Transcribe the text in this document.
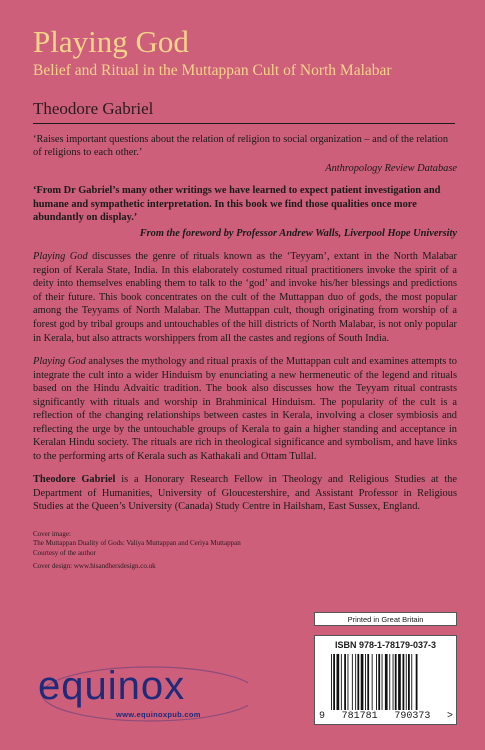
Playing God
Belief and Ritual in the Muttappan Cult of North Malabar
Theodore Gabriel
‘Raises important questions about the relation of religion to social organization – and of the relation of religions to each other.’
Anthropology Review Database
‘From Dr Gabriel’s many other writings we have learned to expect patient investigation and humane and sympathetic interpretation. In this book we find those qualities once more abundantly on display.’
From the foreword by Professor Andrew Walls, Liverpool Hope University
Playing God discusses the genre of rituals known as the ‘Teyyam’, extant in the North Malabar region of Kerala State, India. In this elaborately costumed ritual practitioners invoke the spirit of a deity into themselves enabling them to talk to the ‘god’ and invoke his/her blessings and predictions of their future. This book concentrates on the cult of the Muttappan duo of gods, the most popular among the Teyyams of North Malabar. The Muttappan cult, though originating from worship of a forest god by tribal groups and untouchables of the hill districts of North Malabar, is not only popular in Kerala, but also attracts worshippers from all the castes and regions of South India.
Playing God analyses the mythology and ritual praxis of the Muttappan cult and examines attempts to integrate the cult into a wider Hinduism by enunciating a new hermeneutic of the legend and rituals based on the Hindu Advaitic tradition. The book also discusses how the Teyyam ritual contrasts significantly with rituals and worship in Brahminical Hinduism. The popularity of the cult is a reflection of the changing relationships between castes in Kerala, involving a closer symbiosis and reflecting the urge by the untouchable groups of Kerala to gain a higher standing and acceptance in Keralan Hindu society. The rituals are rich in theological significance and symbolism, and have links to the performing arts of Kerala such as Kathakali and Ottam Tullal.
Theodore Gabriel is a Honorary Research Fellow in Theology and Religious Studies at the Department of Humanities, University of Gloucestershire, and Assistant Professor in Religious Studies at the Queen’s University (Canada) Study Centre in Hailsham, East Sussex, England.
Cover image:
The Muttappan Duality of Gods: Valiya Muttappan and Ceriya Muttappan
Courtesy of the author
Cover design: www.hisandhersdesign.co.uk
Printed in Great Britain
ISBN 978-1-78179-037-3
9 781781 790373 >
equinox
www.equinoxpub.com
